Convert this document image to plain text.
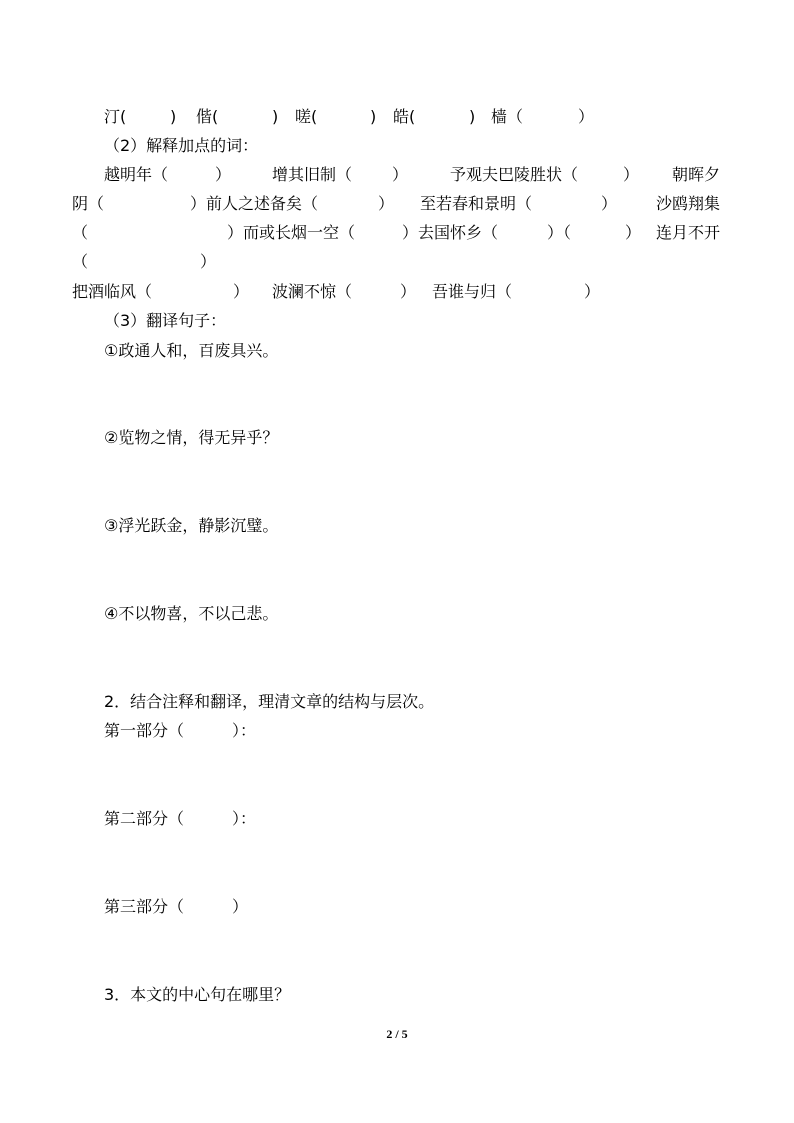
汀(	) 偕(	) 嗟(	) 皓(	) 樯（	）
（2）解释加点的词：
越明年（	）	增其旧制（ ）	予观夫巴陵胜状（	） 朝晖夕
阴（	）前人之述备矣（	） 至若春和景明（	） 沙鸥翔集
（	）而或长烟一空（	）去国怀乡（	）（	） 连月不开
（	）
把酒临风（	） 波澜不惊（	） 吾谁与归（	）
（3）翻译句子：
①政通人和，百废具兴。
②览物之情，得无异乎？
③浮光跃金，静影沉璧。
④不以物喜，不以己悲。
2．结合注释和翻译，理清文章的结构与层次。
第一部分（	）：
第二部分（	）：
第三部分（	）
3．本文的中心句在哪里？
2 / 5
